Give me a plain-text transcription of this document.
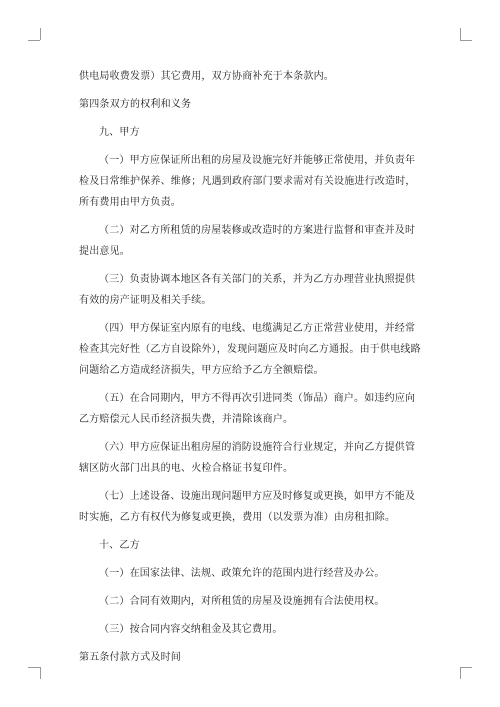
供电局收费发票）其它费用，双方协商补充于本条款内。

第四条双方的权利和义务

九、甲方

（一）甲方应保证所出租的房屋及设施完好并能够正常使用，并负责年检及日常维护保养、维修；凡遇到政府部门要求需对有关设施进行改造时，所有费用由甲方负责。

（二）对乙方所租赁的房屋装修或改造时的方案进行监督和审查并及时提出意见。

（三）负责协调本地区各有关部门的关系，并为乙方办理营业执照提供有效的房产证明及相关手续。

（四）甲方保证室内原有的电线、电缆满足乙方正常营业使用，并经常检查其完好性（乙方自设除外），发现问题应及时向乙方通报。由于供电线路问题给乙方造成经济损失，甲方应给予乙方全额赔偿。

（五）在合同期内，甲方不得再次引进同类（饰品）商户。如违约应向乙方赔偿元人民币经济损失费，并清除该商户。

（六）甲方应保证出租房屋的消防设施符合行业规定，并向乙方提供管辖区防火部门出具的电、火检合格证书复印件。

（七）上述设备、设施出现问题甲方应及时修复或更换，如甲方不能及时实施，乙方有权代为修复或更换，费用（以发票为准）由房租扣除。

十、乙方

（一）在国家法律、法规、政策允许的范围内进行经营及办公。

（二）合同有效期内，对所租赁的房屋及设施拥有合法使用权。

（三）按合同内容交纳租金及其它费用。

第五条付款方式及时间
